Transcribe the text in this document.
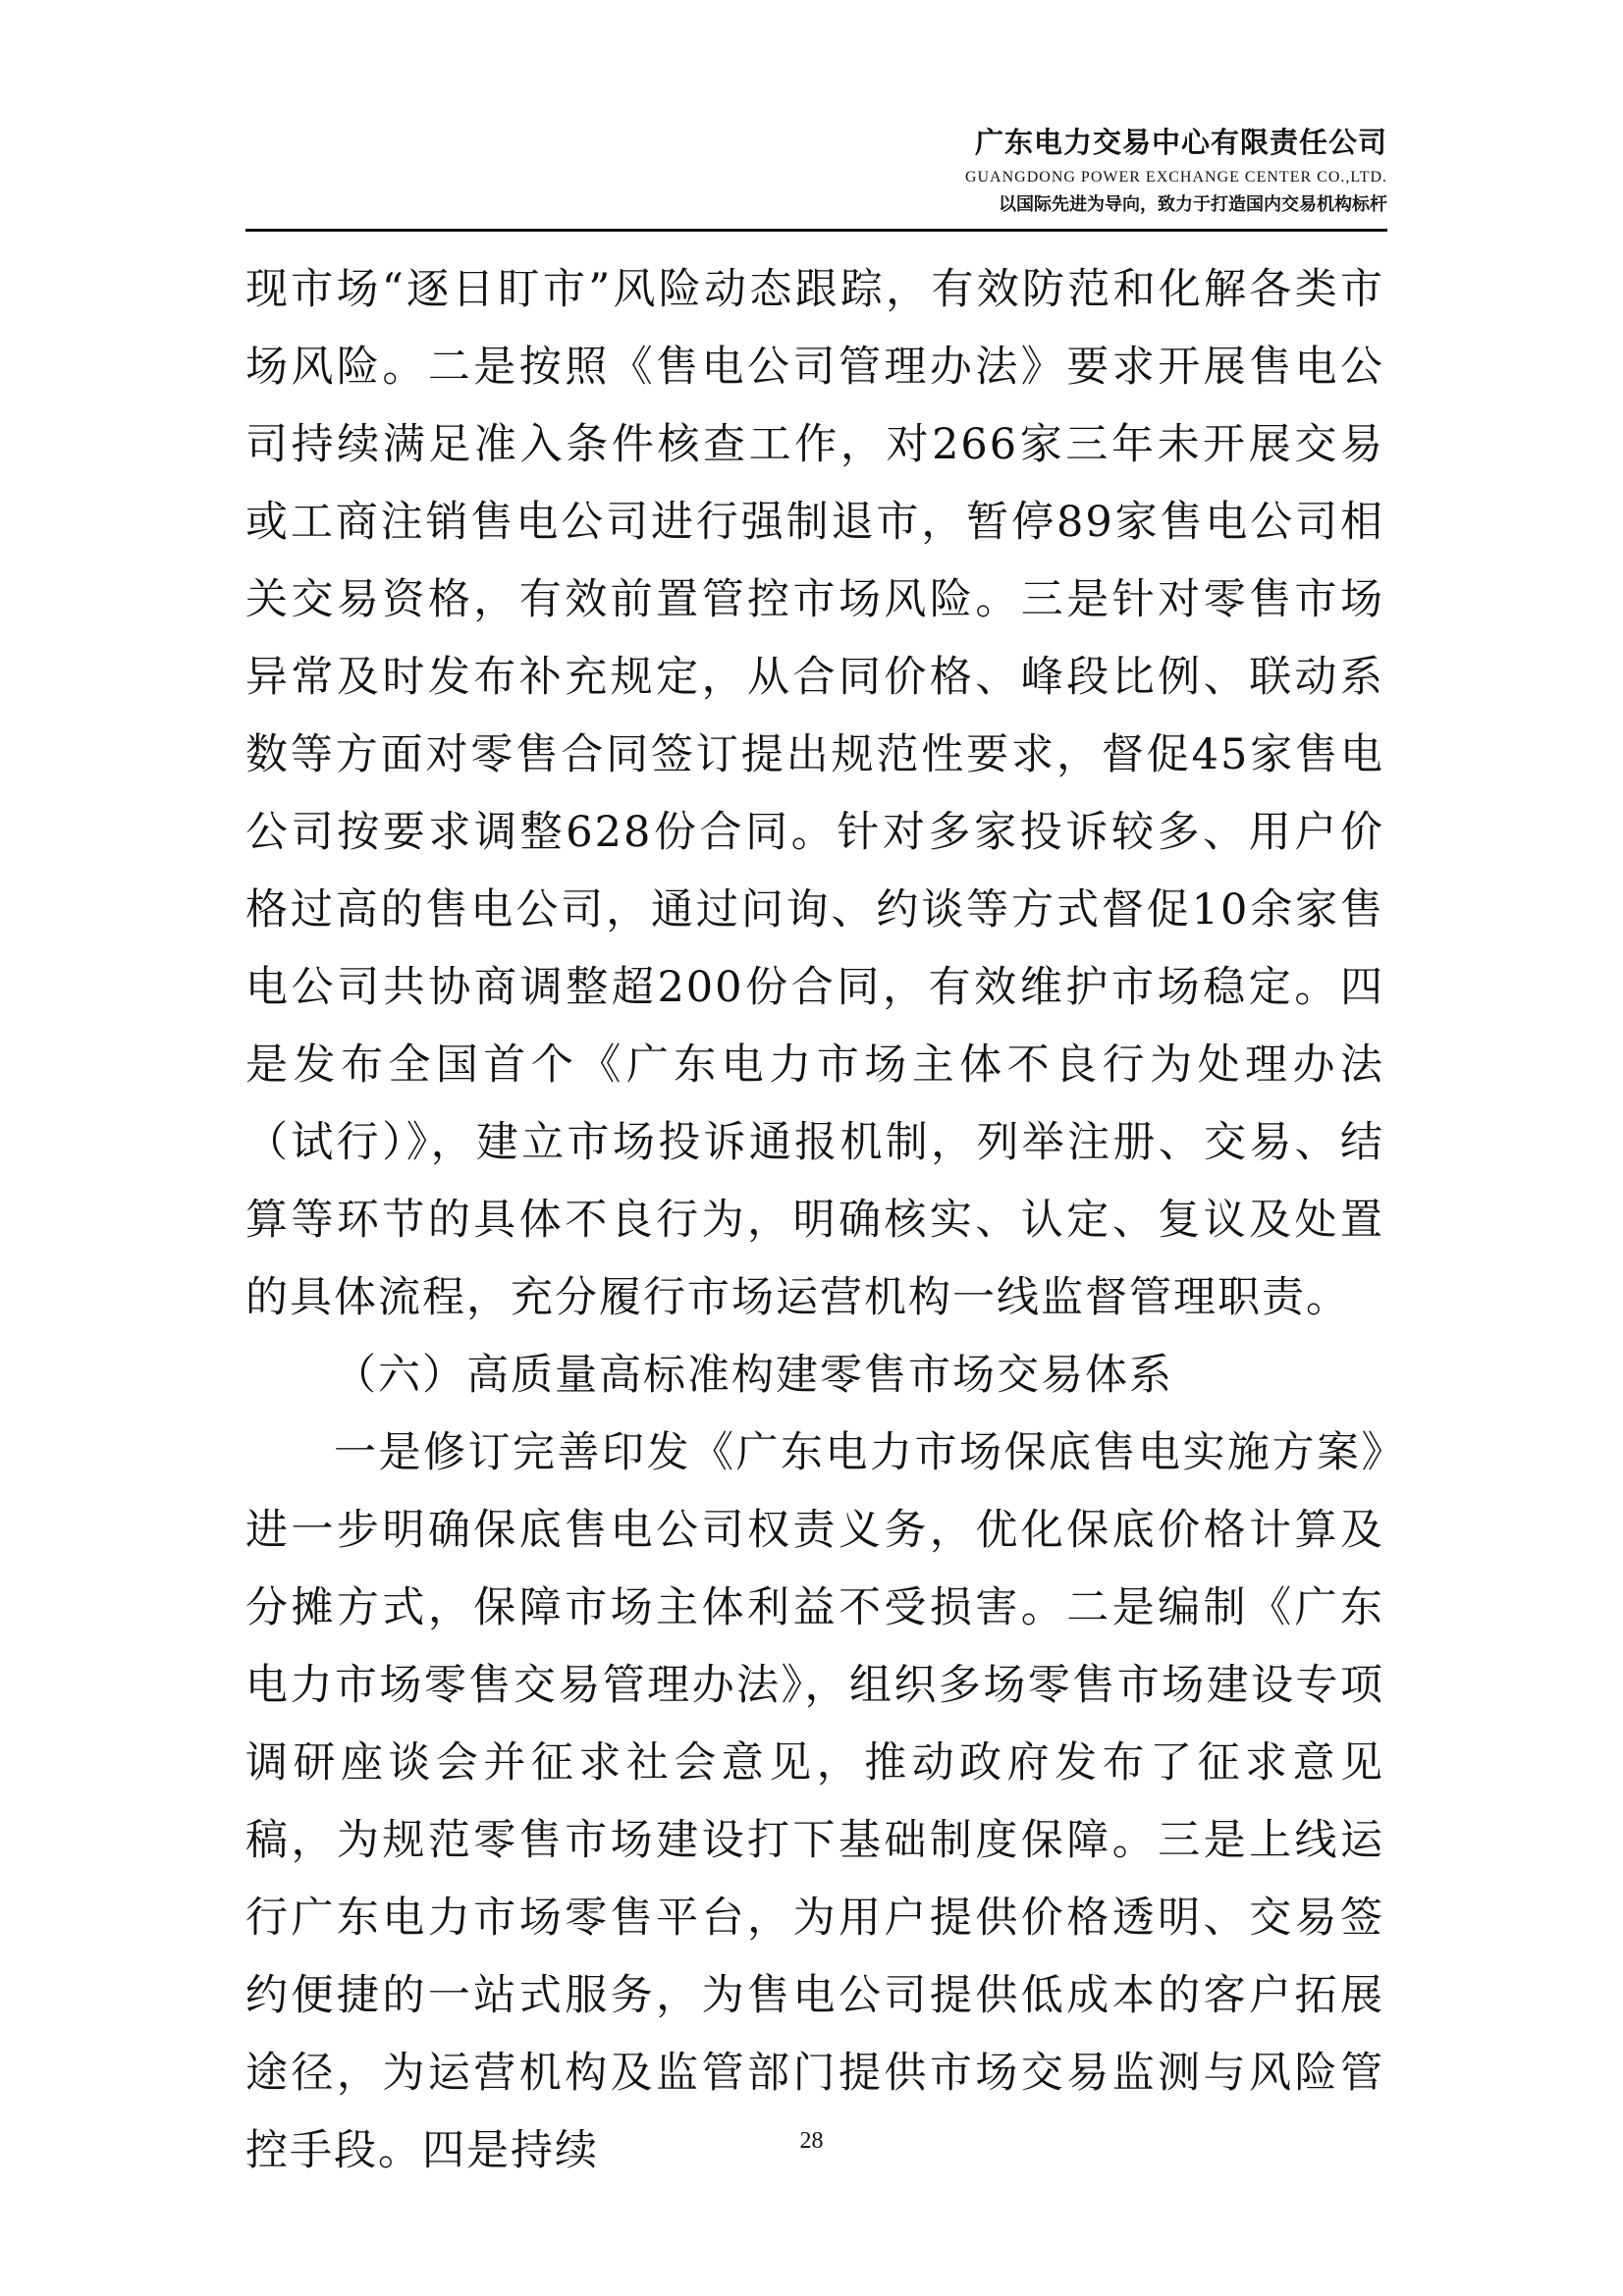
广东电力交易中心有限责任公司
GUANGDONG POWER EXCHANGE CENTER CO.,LTD.
以国际先进为导向，致力于打造国内交易机构标杆

现市场“逐日盯市”风险动态跟踪，有效防范和化解各类市场风险。二是按照《售电公司管理办法》要求开展售电公司持续满足准入条件核查工作，对266家三年未开展交易或工商注销售电公司进行强制退市，暂停89家售电公司相关交易资格，有效前置管控市场风险。三是针对零售市场异常及时发布补充规定，从合同价格、峰段比例、联动系数等方面对零售合同签订提出规范性要求，督促45家售电公司按要求调整628份合同。针对多家投诉较多、用户价格过高的售电公司，通过问询、约谈等方式督促10余家售电公司共协商调整超200份合同，有效维护市场稳定。四是发布全国首个《广东电力市场主体不良行为处理办法（试行）》，建立市场投诉通报机制，列举注册、交易、结算等环节的具体不良行为，明确核实、认定、复议及处置的具体流程，充分履行市场运营机构一线监督管理职责。

（六）高质量高标准构建零售市场交易体系

一是修订完善印发《广东电力市场保底售电实施方案》进一步明确保底售电公司权责义务，优化保底价格计算及分摊方式，保障市场主体利益不受损害。二是编制《广东电力市场零售交易管理办法》，组织多场零售市场建设专项调研座谈会并征求社会意见，推动政府发布了征求意见稿，为规范零售市场建设打下基础制度保障。三是上线运行广东电力市场零售平台，为用户提供价格透明、交易签约便捷的一站式服务，为售电公司提供低成本的客户拓展途径，为运营机构及监管部门提供市场交易监测与风险管控手段。四是持续	28
